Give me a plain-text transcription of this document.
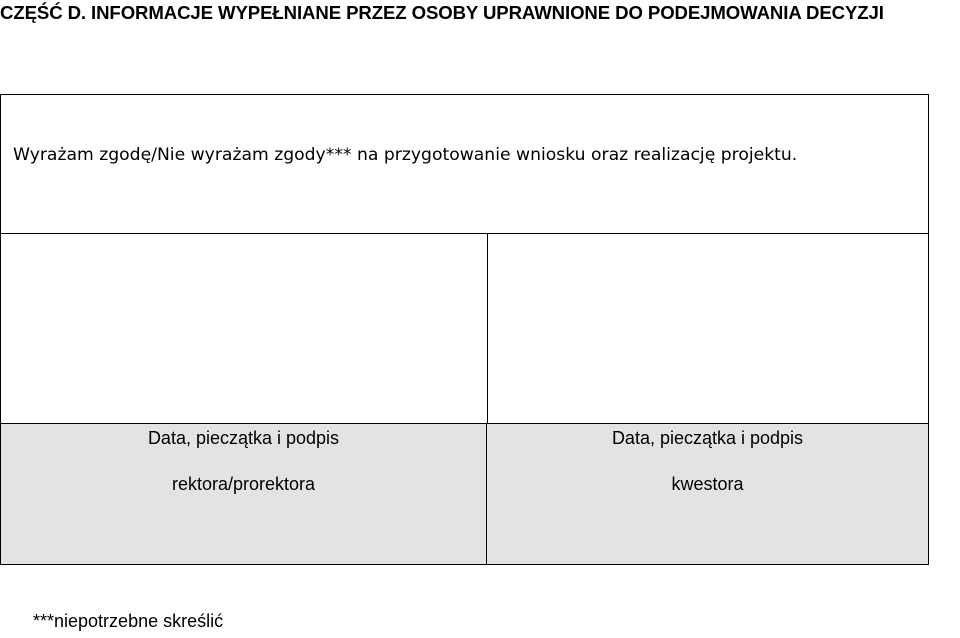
CZĘŚĆ D. INFORMACJE WYPEŁNIANE PRZEZ OSOBY UPRAWNIONE DO PODEJMOWANIA DECYZJI
Wyrażam zgodę/Nie wyrażam zgody*** na przygotowanie wniosku oraz realizację projektu.
Data, pieczątka i podpis
rektora/prorektora
Data, pieczątka i podpis
kwestora
***niepotrzebne skreślić
